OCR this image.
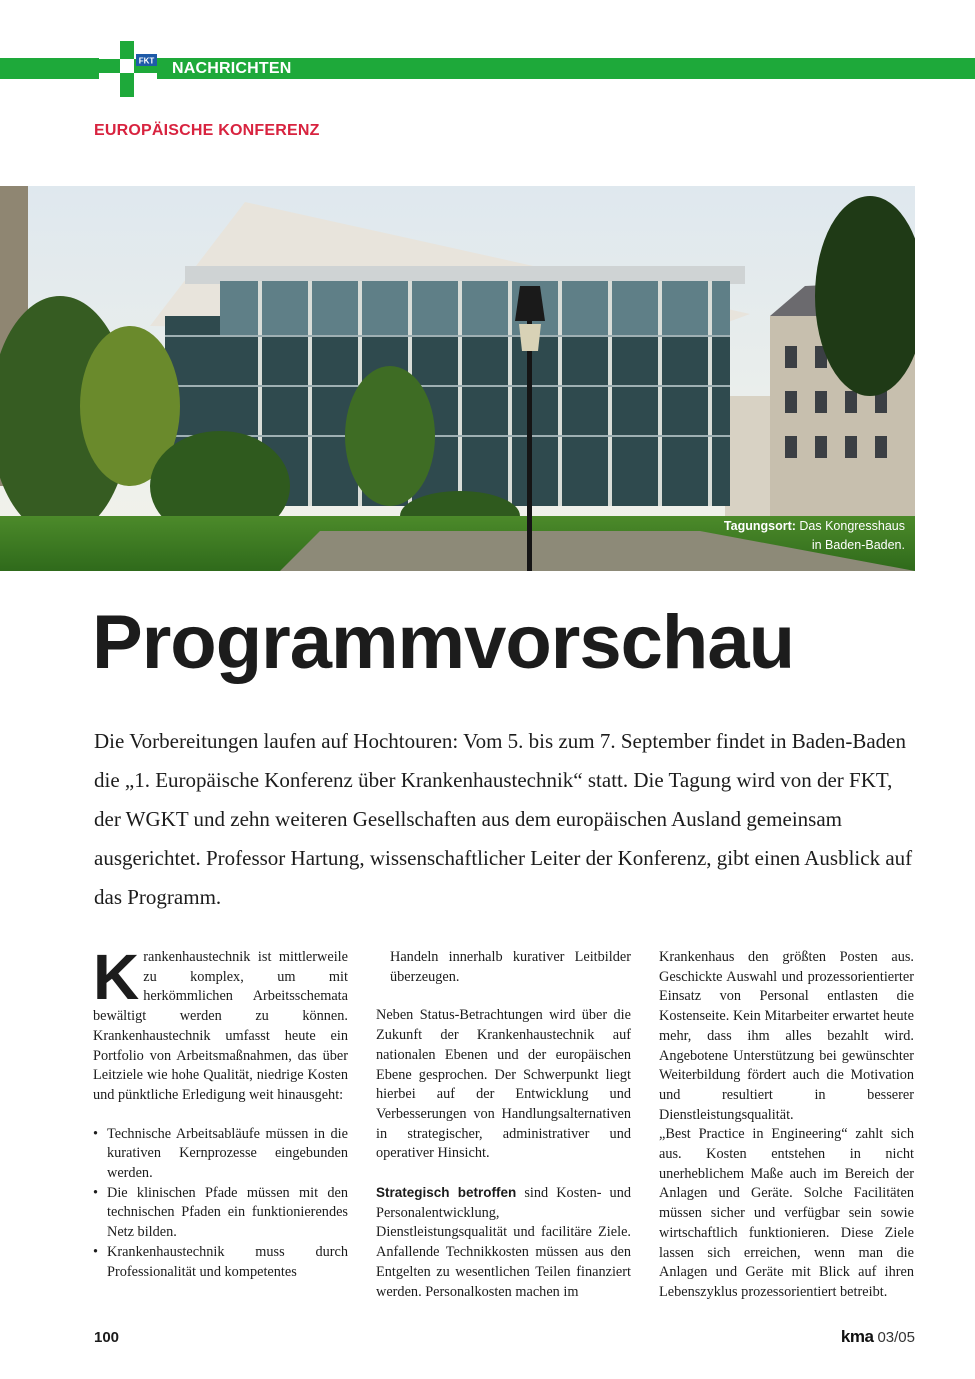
FKT NACHRICHTEN
EUROPÄISCHE KONFERENZ
Tagungsort: Das Kongresshaus
in Baden-Baden.
Programmvorschau

Die Vorbereitungen laufen auf Hochtouren: Vom 5. bis zum 7. September findet in Baden-Baden die „1. Europäische Konferenz über Krankenhaustechnik“ statt. Die Tagung wird von der FKT, der WGKT und zehn weiteren Gesellschaften aus dem europäischen Ausland gemeinsam ausgerichtet. Professor Hartung, wissenschaftlicher Leiter der Konferenz, gibt einen Ausblick auf das Programm.

Krankenhaustechnik ist mittlerweile zu komplex, um mit herkömmlichen Arbeitsschemata bewältigt werden zu können. Krankenhaustechnik umfasst heute ein Portfolio von Arbeitsmaßnahmen, das über Leitziele wie hohe Qualität, niedrige Kosten und pünktliche Erledigung weit hinausgeht:

• Technische Arbeitsabläufe müssen in die kurativen Kernprozesse eingebunden werden.
• Die klinischen Pfade müssen mit den technischen Pfaden ein funktionierendes Netz bilden.
• Krankenhaustechnik muss durch Professionalität und kompetentes

Handeln innerhalb kurativer Leitbilder überzeugen.

Neben Status-Betrachtungen wird über die Zukunft der Krankenhaustechnik auf nationalen Ebenen und der europäischen Ebene gesprochen. Der Schwerpunkt liegt hierbei auf der Entwicklung und Verbesserungen von Handlungsalternativen in strategischer, administrativer und operativer Hinsicht.

Strategisch betroffen sind Kosten- und Personalentwicklung, Dienstleistungsqualität und facilitäre Ziele. Anfallende Technikkosten müssen aus den Entgelten zu wesentlichen Teilen finanziert werden. Personalkosten machen im

Krankenhaus den größten Posten aus. Geschickte Auswahl und prozessorientierter Einsatz von Personal entlasten die Kostenseite. Kein Mitarbeiter erwartet heute mehr, dass ihm alles bezahlt wird. Angebotene Unterstützung bei gewünschter Weiterbildung fördert auch die Motivation und resultiert in besserer Dienstleistungsqualität.

„Best Practice in Engineering“ zahlt sich aus. Kosten entstehen in nicht unerheblichem Maße auch im Bereich der Anlagen und Geräte. Solche Facilitäten müssen sicher und verfügbar sein sowie wirtschaftlich funktionieren. Diese Ziele lassen sich erreichen, wenn man die Anlagen und Geräte mit Blick auf ihren Lebenszyklus prozessorientiert betreibt.

100	kma 03/05
